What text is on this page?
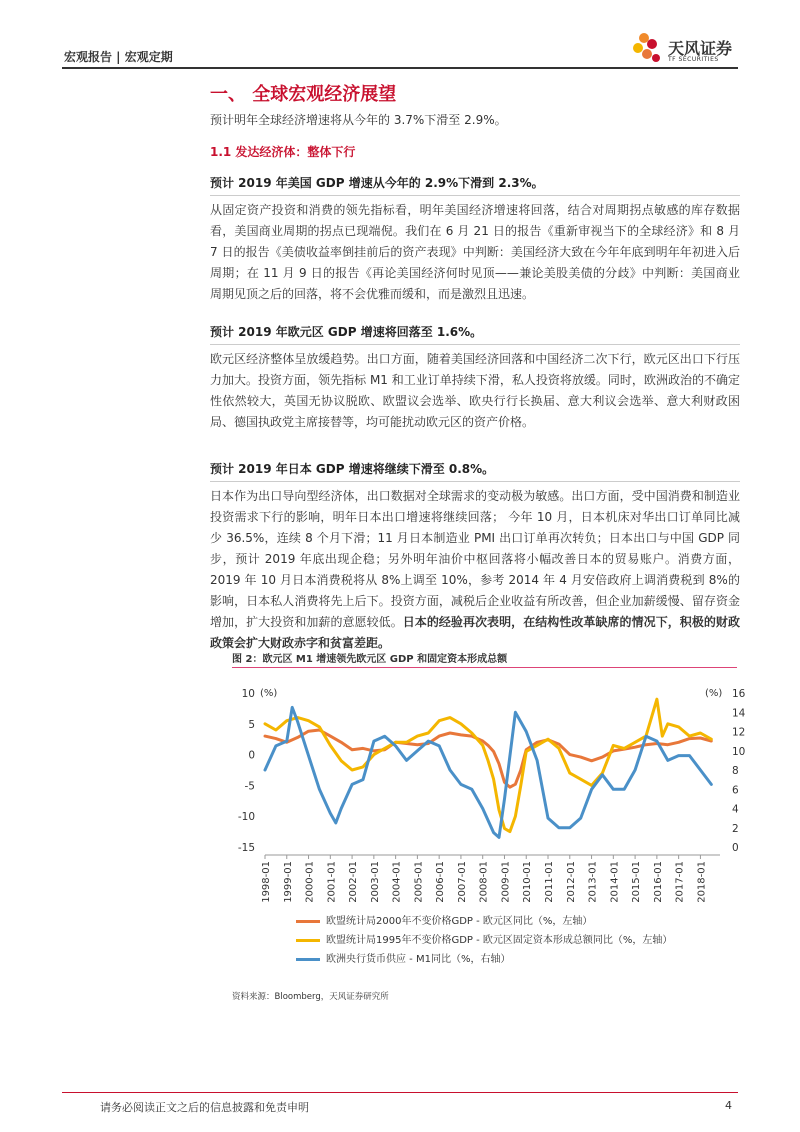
宏观报告 | 宏观定期	天风证券
TF SECURITIES
一、 全球宏观经济展望
预计明年全球经济增速将从今年的 3.7%下滑至 2.9%。
1.1 发达经济体：整体下行
预计 2019 年美国 GDP 增速从今年的 2.9%下滑到 2.3%。
从固定资产投资和消费的领先指标看，明年美国经济增速将回落，结合对周期拐点敏感的库存数据看，美国商业周期的拐点已现端倪。我们在 6 月 21 日的报告《重新审视当下的全球经济》和 8 月 7 日的报告《美债收益率倒挂前后的资产表现》中判断：美国经济大致在今年年底到明年年初进入后周期；在 11 月 9 日的报告《再论美国经济何时见顶——兼论美股美债的分歧》中判断：美国商业周期见顶之后的回落，将不会优雅而缓和，而是激烈且迅速。
预计 2019 年欧元区 GDP 增速将回落至 1.6%。
欧元区经济整体呈放缓趋势。出口方面，随着美国经济回落和中国经济二次下行，欧元区出口下行压力加大。投资方面，领先指标 M1 和工业订单持续下滑，私人投资将放缓。同时，欧洲政治的不确定性依然较大，英国无协议脱欧、欧盟议会选举、欧央行行长换届、意大利议会选举、意大利财政困局、德国执政党主席接替等，均可能扰动欧元区的资产价格。
预计 2019 年日本 GDP 增速将继续下滑至 0.8%。
日本作为出口导向型经济体，出口数据对全球需求的变动极为敏感。出口方面，受中国消费和制造业投资需求下行的影响，明年日本出口增速将继续回落； 今年 10 月，日本机床对华出口订单同比减少 36.5%，连续 8 个月下滑；11 月日本制造业 PMI 出口订单再次转负；日本出口与中国 GDP 同步，预计 2019 年底出现企稳；另外明年油价中枢回落将小幅改善日本的贸易账户。消费方面，2019 年 10 月日本消费税将从 8%上调至 10%，参考 2014 年 4 月安倍政府上调消费税到 8%的影响，日本私人消费将先上后下。投资方面，减税后企业收益有所改善，但企业加薪缓慢、留存资金增加，扩大投资和加薪的意愿较低。日本的经验再次表明，在结构性改革缺席的情况下，积极的财政政策会扩大财政赤字和贫富差距。
图 2：欧元区 M1 增速领先欧元区 GDP 和固定资本形成总额
(%)	(%)
10
5
0
-5
-10
-15
16
14
12
10
8
6
4
2
0
1998-01 1999-01 2000-01 2001-01 2002-01 2003-01 2004-01 2005-01 2006-01 2007-01 2008-01 2009-01 2010-01 2011-01 2012-01 2013-01 2014-01 2015-01 2016-01 2017-01 2018-01
欧盟统计局2000年不变价格GDP - 欧元区同比（%，左轴）
欧盟统计局1995年不变价格GDP - 欧元区固定资本形成总额同比（%，左轴）
欧洲央行货币供应 - M1同比（%，右轴）
资料来源：Bloomberg，天风证券研究所
请务必阅读正文之后的信息披露和免责申明	4
